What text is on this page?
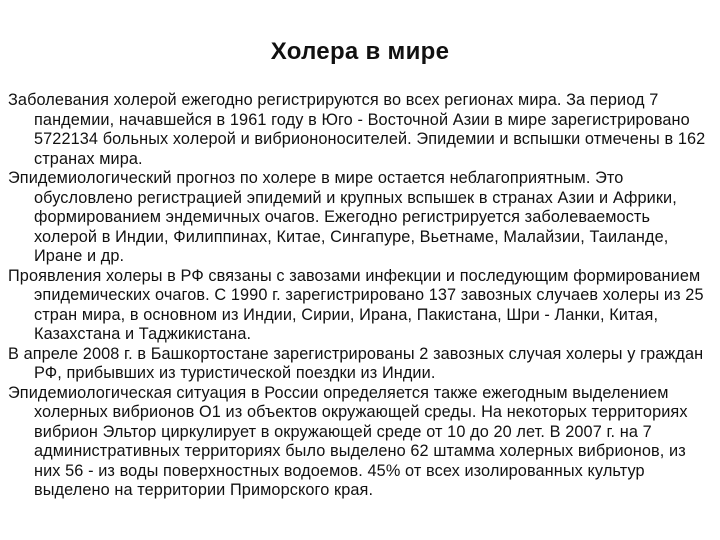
Холера в мире

Заболевания холерой ежегодно регистрируются во всех регионах мира. За период 7 пандемии, начавшейся в 1961 году в Юго - Восточной Азии в мире зарегистрировано 5722134 больных холерой и вибриононосителей. Эпидемии и вспышки отмечены в 162 странах мира.

Эпидемиологический прогноз по холере в мире остается неблагоприятным. Это обусловлено регистрацией эпидемий и крупных вспышек в странах Азии и Африки, формированием эндемичных очагов. Ежегодно регистрируется заболеваемость холерой в Индии, Филиппинах, Китае, Сингапуре, Вьетнаме, Малайзии, Таиланде, Иране и др.

Проявления холеры в РФ связаны с завозами инфекции и последующим формированием эпидемических очагов. С 1990 г. зарегистрировано 137 завозных случаев холеры из 25 стран мира, в основном из Индии, Сирии, Ирана, Пакистана, Шри - Ланки, Китая, Казахстана и Таджикистана.

В апреле 2008 г. в Башкортостане зарегистрированы 2 завозных случая холеры у граждан РФ, прибывших из туристической поездки из Индии.

Эпидемиологическая ситуация в России определяется также ежегодным выделением холерных вибрионов О1 из объектов окружающей среды. На некоторых территориях вибрион Эльтор циркулирует в окружающей среде от 10 до 20 лет. В 2007 г. на 7 административных территориях было выделено 62 штамма холерных вибрионов, из них 56 - из воды поверхностных водоемов. 45% от всех изолированных культур выделено на территории Приморского края.
